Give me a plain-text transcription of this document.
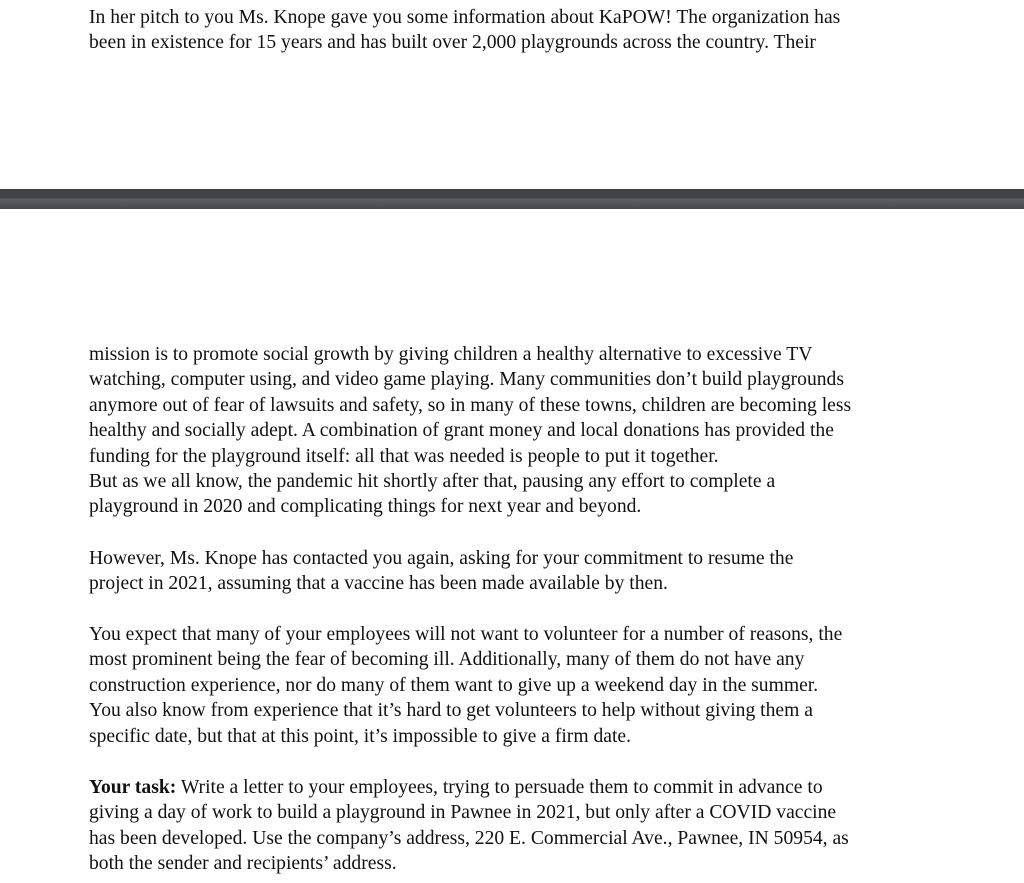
In her pitch to you Ms. Knope gave you some information about KaPOW! The organization has
been in existence for 15 years and has built over 2,000 playgrounds across the country. Their

mission is to promote social growth by giving children a healthy alternative to excessive TV
watching, computer using, and video game playing. Many communities don’t build playgrounds
anymore out of fear of lawsuits and safety, so in many of these towns, children are becoming less
healthy and socially adept. A combination of grant money and local donations has provided the
funding for the playground itself: all that was needed is people to put it together.
But as we all know, the pandemic hit shortly after that, pausing any effort to complete a
playground in 2020 and complicating things for next year and beyond.

However, Ms. Knope has contacted you again, asking for your commitment to resume the
project in 2021, assuming that a vaccine has been made available by then.

You expect that many of your employees will not want to volunteer for a number of reasons, the
most prominent being the fear of becoming ill. Additionally, many of them do not have any
construction experience, nor do many of them want to give up a weekend day in the summer.
You also know from experience that it’s hard to get volunteers to help without giving them a
specific date, but that at this point, it’s impossible to give a firm date.

Your task: Write a letter to your employees, trying to persuade them to commit in advance to
giving a day of work to build a playground in Pawnee in 2021, but only after a COVID vaccine
has been developed. Use the company’s address, 220 E. Commercial Ave., Pawnee, IN 50954, as
both the sender and recipients’ address.
